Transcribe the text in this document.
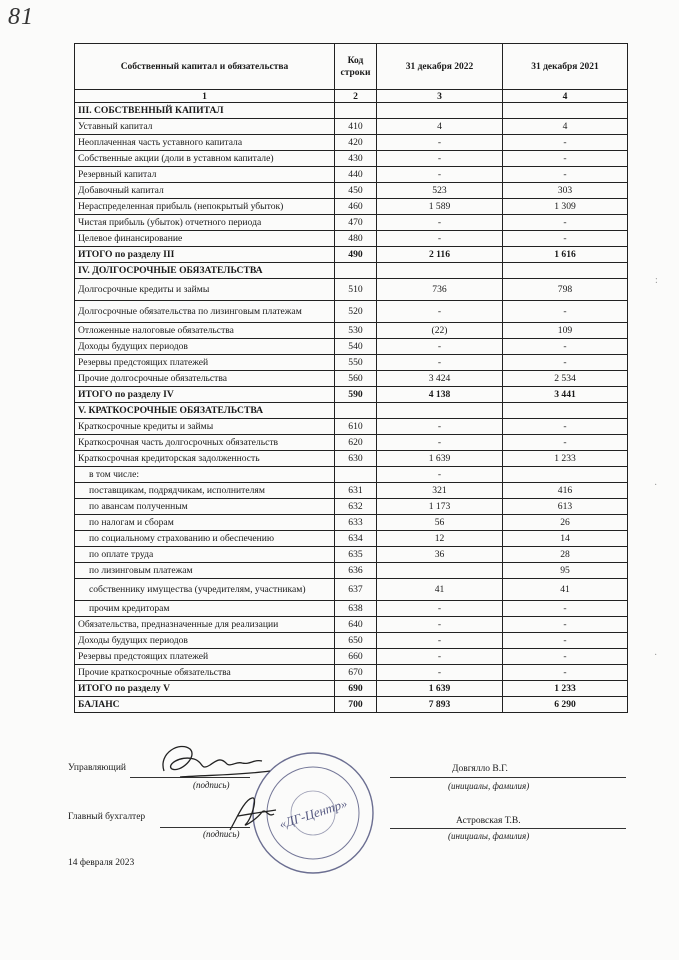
81
:
·
·
Собственный капитал и обязательства	Код строки	31 декабря 2022	31 декабря 2021
1	2	3	4
III. СОБСТВЕННЫЙ КАПИТАЛ			
Уставный капитал	410	4	4
Неоплаченная часть уставного капитала	420	-	-
Собственные акции (доли в уставном капитале)	430	-	-
Резервный капитал	440	-	-
Добавочный капитал	450	523	303
Нераспределенная прибыль (непокрытый убыток)	460	1 589	1 309
Чистая прибыль (убыток) отчетного периода	470	-	-
Целевое финансирование	480	-	-
ИТОГО по разделу III	490	2 116	1 616
IV. ДОЛГОСРОЧНЫЕ ОБЯЗАТЕЛЬСТВА			
Долгосрочные кредиты и займы	510	736	798
Долгосрочные обязательства по лизинговым платежам	520	-	-
Отложенные налоговые обязательства	530	(22)	109
Доходы будущих периодов	540	-	-
Резервы предстоящих платежей	550	-	-
Прочие долгосрочные обязательства	560	3 424	2 534
ИТОГО по разделу IV	590	4 138	3 441
V. КРАТКОСРОЧНЫЕ ОБЯЗАТЕЛЬСТВА			
Краткосрочные кредиты и займы	610	-	-
Краткосрочная часть долгосрочных обязательств	620	-	-
Краткосрочная кредиторская задолженность	630	1 639	1 233
в том числе:		-	
поставщикам, подрядчикам, исполнителям	631	321	416
по авансам полученным	632	1 173	613
по налогам и сборам	633	56	26
по социальному страхованию и обеспечению	634	12	14
по оплате труда	635	36	28
по лизинговым платежам	636		95
собственнику имущества (учредителям, участникам)	637	41	41
прочим кредиторам	638	-	-
Обязательства, предназначенные для реализации	640	-	-
Доходы будущих периодов	650	-	-
Резервы предстоящих платежей	660	-	-
Прочие краткосрочные обязательства	670	-	-
ИТОГО по разделу V	690	1 639	1 233
БАЛАНС	700	7 893	6 290
Управляющий
(подпись)
Довгялло В.Г.
(инициалы, фамилия)
Главный бухгалтер
(подпись)
Астровская Т.В.
(инициалы, фамилия)
14 февраля 2023
«ДГ-Центр»
